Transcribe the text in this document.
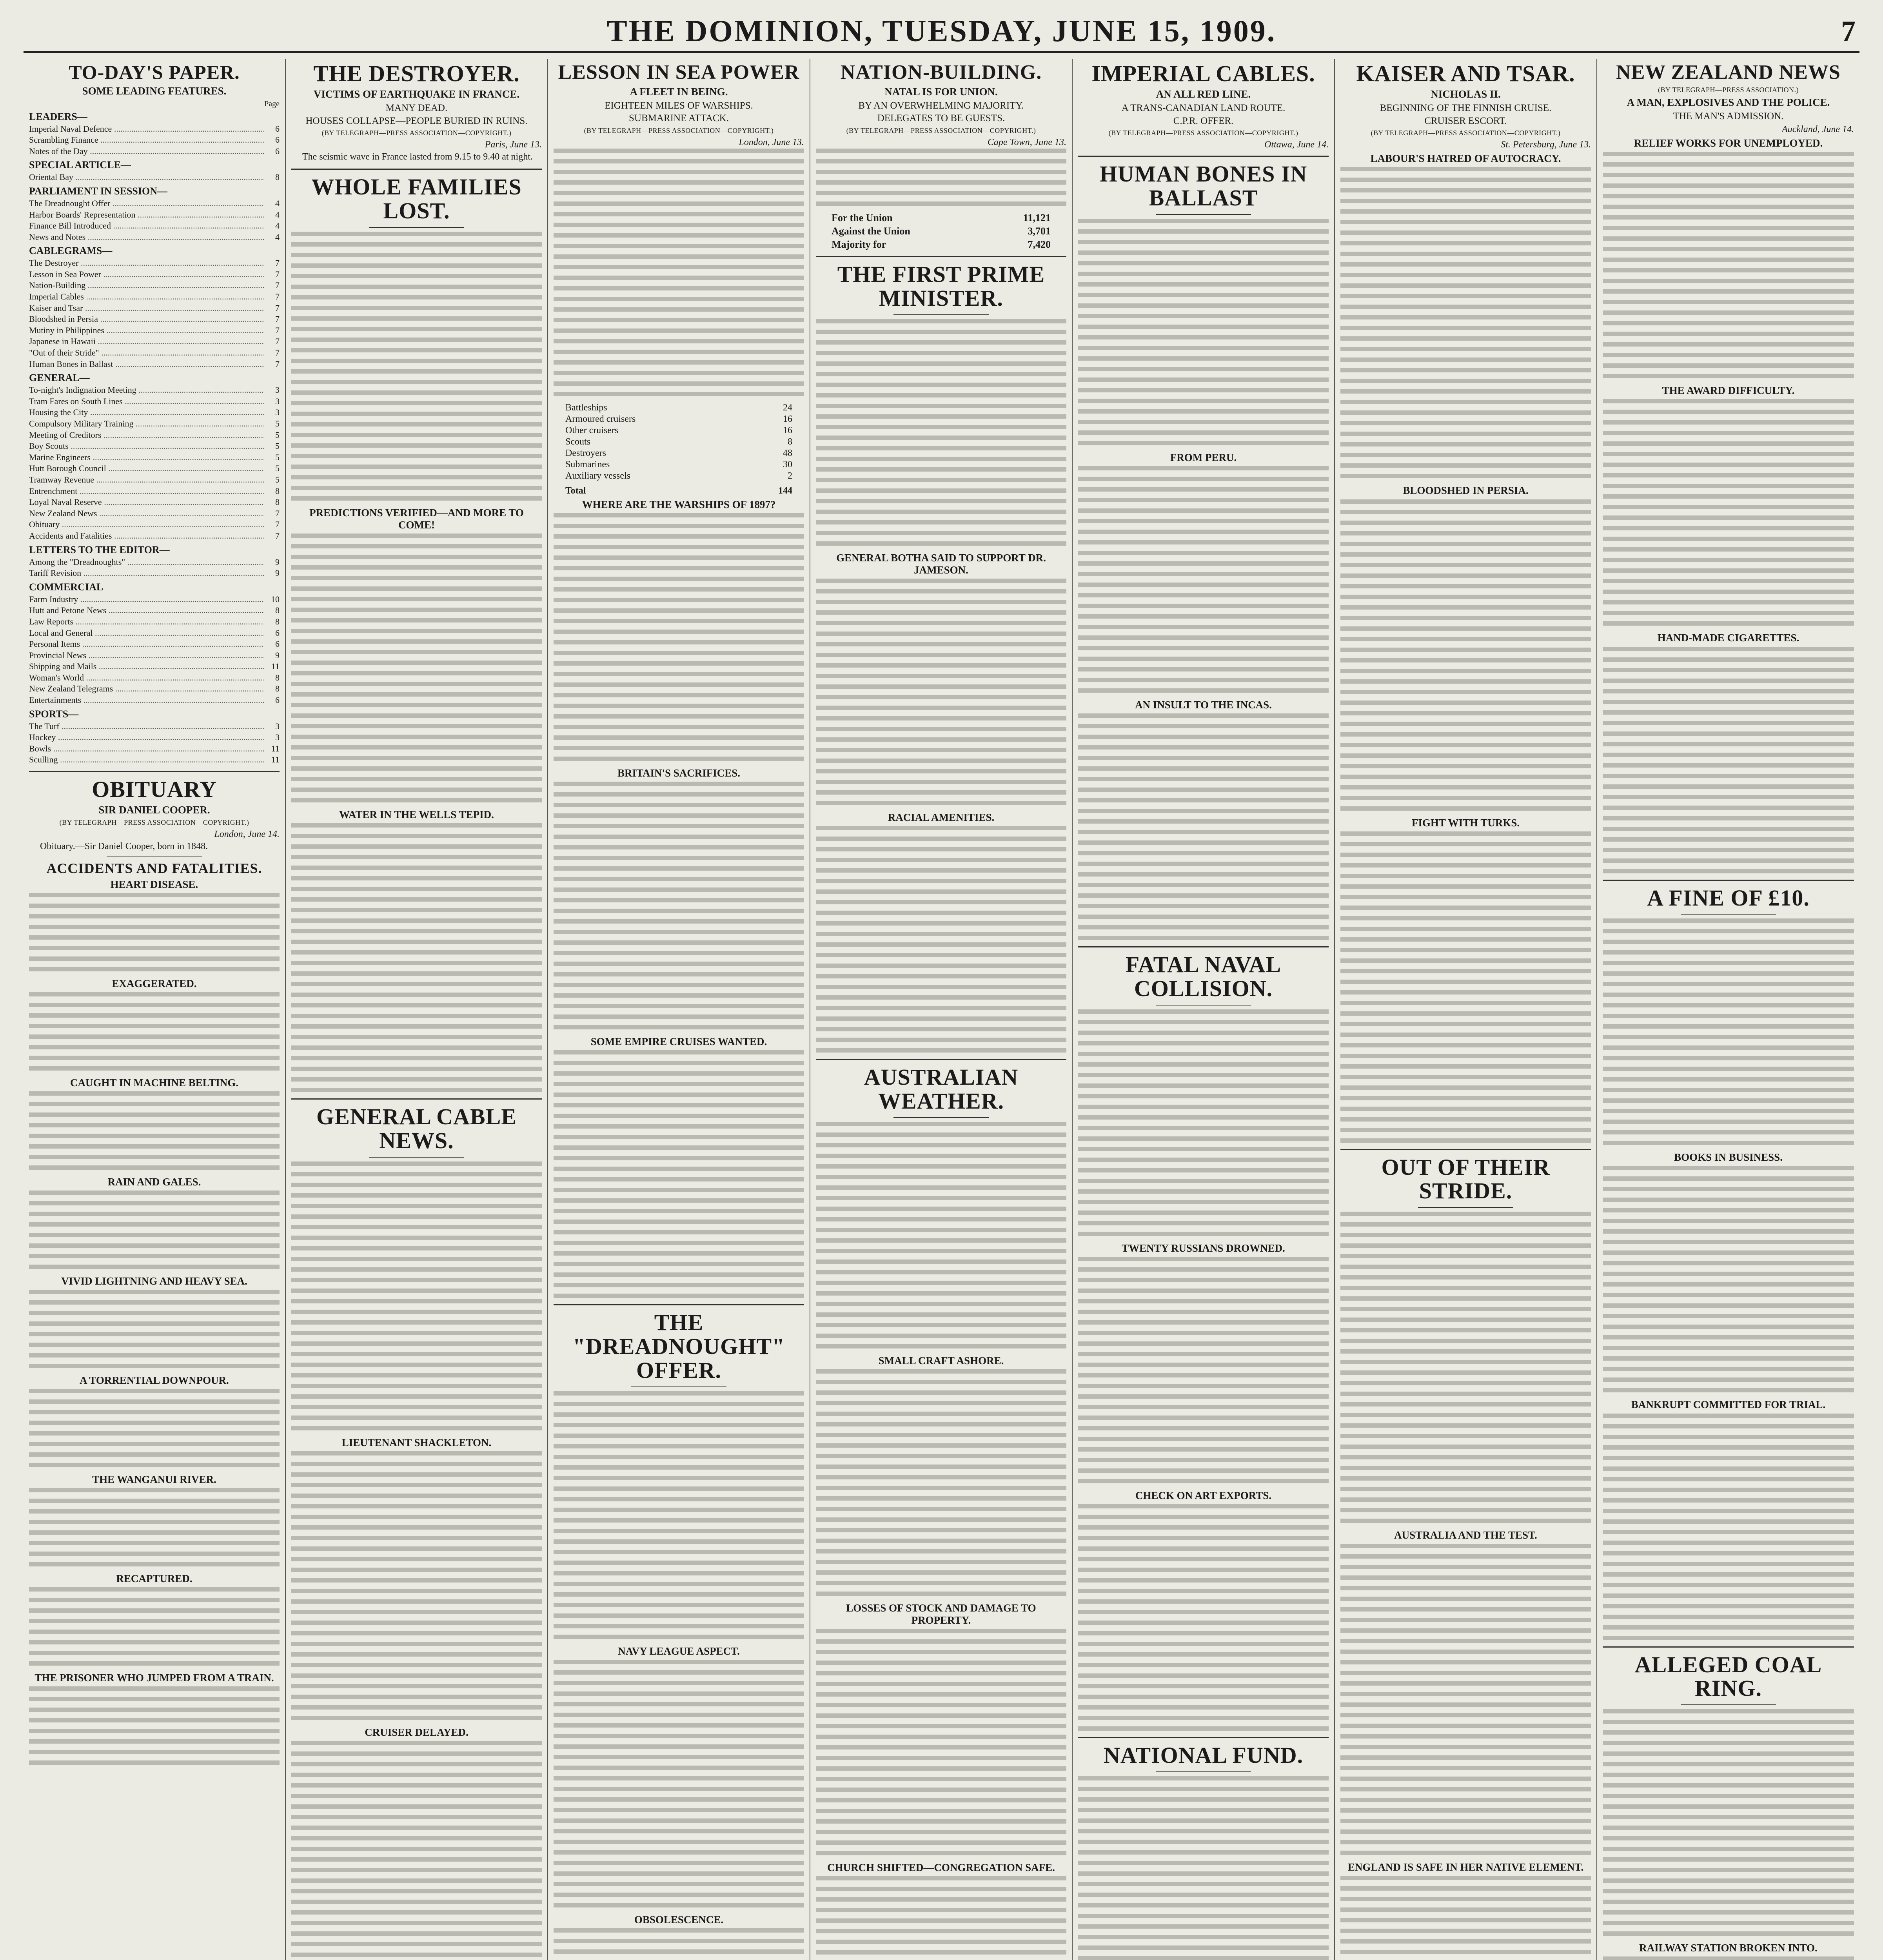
THE DOMINION, TUESDAY, JUNE 15, 1909.	7
TO-DAY'S PAPER.
SOME LEADING FEATURES.
Page
LEADERS—
Imperial Naval Defence .....	6
Scrambling Finance .....	6
Notes of the Day .....	6
SPECIAL ARTICLE—
Oriental Bay .....	8
PARLIAMENT IN SESSION—
The Dreadnought Offer .....	4
Harbor Boards' Representation .....	4
Finance Bill Introduced .....	4
News and Notes .....	4
CABLEGRAMS—
The Destroyer .....	7
Lesson in Sea Power .....	7
Nation-Building .....	7
Imperial Cables .....	7
Kaiser and Tsar .....	7
Bloodshed in Persia .....	7
Mutiny in Philippines .....	7
Japanese in Hawaii .....	7
"Out of their Stride" .....	7
Human Bones in Ballast .....	7
GENERAL—
To-night's Indignation Meeting .....	3
Tram Fares on South Lines .....	3
Housing the City .....	3
Compulsory Military Training .....	5
Meeting of Creditors .....	5
Boy Scouts .....	5
Marine Engineers .....	5
Hutt Borough Council .....	5
Tramway Revenue .....	5
Entrenchment .....	8
Loyal Naval Reserve .....	8
New Zealand News .....	7
Obituary .....	7
Accidents and Fatalities .....	7
LETTERS TO THE EDITOR—
Among the "Dreadnoughts" .....	9
Tariff Revision .....	9
COMMERCIAL
Farm Industry .....	10
Hutt and Petone News .....	8
Law Reports .....	8
Local and General .....	6
Personal Items .....	6
Provincial News .....	9
Shipping and Mails .....	11
Woman's World .....	8
New Zealand Telegrams .....	8
Entertainments .....	6
SPORTS—
The Turf .....	3
Hockey .....	3
Bowls .....	11
Sculling .....	11
OBITUARY
SIR DANIEL COOPER.
(BY TELEGRAPH—PRESS ASSOCIATION—COPYRIGHT.)
London, June 14.

Obituary.—Sir Daniel Cooper, born in 1848.

ACCIDENTS AND FATALITIES.
HEART DISEASE.
EXAGGERATED.
CAUGHT IN MACHINE BELTING.
RAIN AND GALES.
VIVID LIGHTNING AND HEAVY SEA.
A TORRENTIAL DOWNPOUR.
THE WANGANUI RIVER.
RECAPTURED.
THE PRISONER WHO JUMPED FROM A TRAIN.
THE DESTROYER.
VICTIMS OF EARTHQUAKE IN FRANCE.
MANY DEAD.
HOUSES COLLAPSE—PEOPLE BURIED IN RUINS.
(BY TELEGRAPH—PRESS ASSOCIATION—COPYRIGHT.)
Paris, June 13.

The seismic wave in France lasted from 9.15 to 9.40 at night.

WHOLE FAMILIES LOST.
PREDICTIONS VERIFIED—AND MORE TO COME!
WATER IN THE WELLS TEPID.
GENERAL CABLE NEWS.
LIEUTENANT SHACKLETON.
CRUISER DELAYED.
LESSON IN SEA POWER
A FLEET IN BEING.
EIGHTEEN MILES OF WARSHIPS.
SUBMARINE ATTACK.
(BY TELEGRAPH—PRESS ASSOCIATION—COPYRIGHT.)
London, June 13.
Battleships	24
Armoured cruisers	16
Other cruisers	16
Scouts	8
Destroyers	48
Submarines	30
Auxiliary vessels	2
Total	144
WHERE ARE THE WARSHIPS OF 1897?
BRITAIN'S SACRIFICES.
SOME EMPIRE CRUISES WANTED.
THE "DREADNOUGHT" OFFER.
NAVY LEAGUE ASPECT.
OBSOLESCENCE.
NATION-BUILDING.
NATAL IS FOR UNION.
BY AN OVERWHELMING MAJORITY.
DELEGATES TO BE GUESTS.
(BY TELEGRAPH—PRESS ASSOCIATION—COPYRIGHT.)
Cape Town, June 13.
For the Union	11,121
Against the Union	3,701
Majority for	7,420
THE FIRST PRIME MINISTER.
GENERAL BOTHA SAID TO SUPPORT DR. JAMESON.
RACIAL AMENITIES.
AUSTRALIAN WEATHER.
SMALL CRAFT ASHORE.
LOSSES OF STOCK AND DAMAGE TO PROPERTY.
CHURCH SHIFTED—CONGREGATION SAFE.
IMPERIAL CABLES.
AN ALL RED LINE.
A TRANS-CANADIAN LAND ROUTE.
C.P.R. OFFER.
(BY TELEGRAPH—PRESS ASSOCIATION—COPYRIGHT.)
Ottawa, June 14.
HUMAN BONES IN BALLAST
FROM PERU.
AN INSULT TO THE INCAS.
FATAL NAVAL COLLISION.
TWENTY RUSSIANS DROWNED.
CHECK ON ART EXPORTS.
NATIONAL FUND.
KAISER AND TSAR.
NICHOLAS II.
BEGINNING OF THE FINNISH CRUISE.
CRUISER ESCORT.
(BY TELEGRAPH—PRESS ASSOCIATION—COPYRIGHT.)
St. Petersburg, June 13.
LABOUR'S HATRED OF AUTOCRACY.
BLOODSHED IN PERSIA.
FIGHT WITH TURKS.
OUT OF THEIR STRIDE.
AUSTRALIA AND THE TEST.
ENGLAND IS SAFE IN HER NATIVE ELEMENT.
NEW ZEALAND NEWS
(BY TELEGRAPH—PRESS ASSOCIATION.)
A MAN, EXPLOSIVES AND THE POLICE.
THE MAN'S ADMISSION.
Auckland, June 14.
RELIEF WORKS FOR UNEMPLOYED.
THE AWARD DIFFICULTY.
HAND-MADE CIGARETTES.
A FINE OF £10.
BOOKS IN BUSINESS.
BANKRUPT COMMITTED FOR TRIAL.
ALLEGED COAL RING.
RAILWAY STATION BROKEN INTO.
